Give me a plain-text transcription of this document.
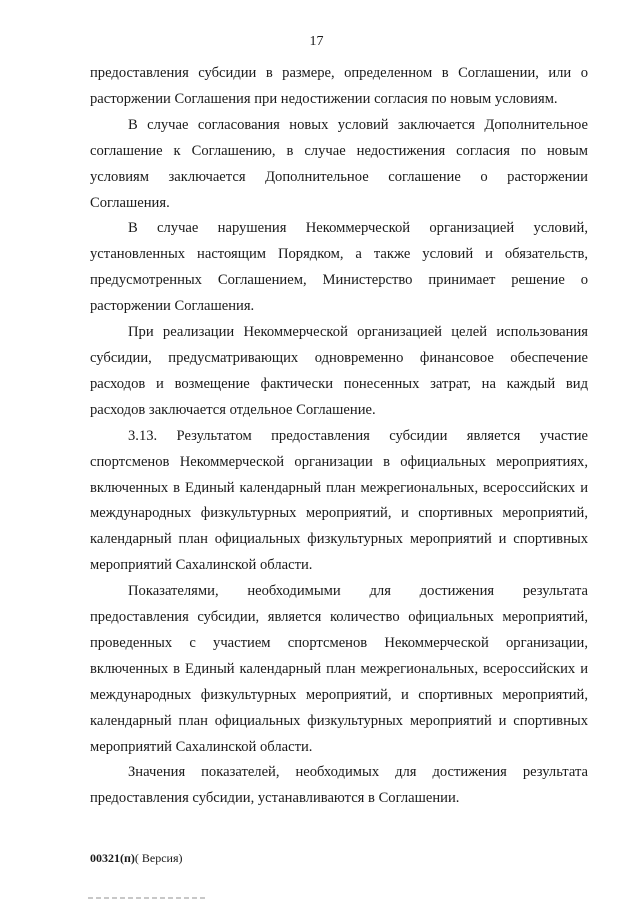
17

предоставления субсидии в размере, определенном в Соглашении, или о расторжении Соглашения при недостижении согласия по новым условиям.

В случае согласования новых условий заключается Дополнительное соглашение к Соглашению, в случае недостижения согласия по новым условиям заключается Дополнительное соглашение о расторжении Соглашения.

В случае нарушения Некоммерческой организацией условий, установленных настоящим Порядком, а также условий и обязательств, предусмотренных Соглашением, Министерство принимает решение о расторжении Соглашения.

При реализации Некоммерческой организацией целей использования субсидии, предусматривающих одновременно финансовое обеспечение расходов и возмещение фактически понесенных затрат, на каждый вид расходов заключается отдельное Соглашение.

3.13. Результатом предоставления субсидии является участие спортсменов Некоммерческой организации в официальных мероприятиях, включенных в Единый календарный план межрегиональных, всероссийских и международных физкультурных мероприятий, и спортивных мероприятий, календарный план официальных физкультурных мероприятий и спортивных мероприятий Сахалинской области.

Показателями, необходимыми для достижения результата предоставления субсидии, является количество официальных мероприятий, проведенных с участием спортсменов Некоммерческой организации, включенных в Единый календарный план межрегиональных, всероссийских и международных физкультурных мероприятий, и спортивных мероприятий, календарный план официальных физкультурных мероприятий и спортивных мероприятий Сахалинской области.

Значения показателей, необходимых для достижения результата предоставления субсидии, устанавливаются в Соглашении.

00321(п)( Версия)
